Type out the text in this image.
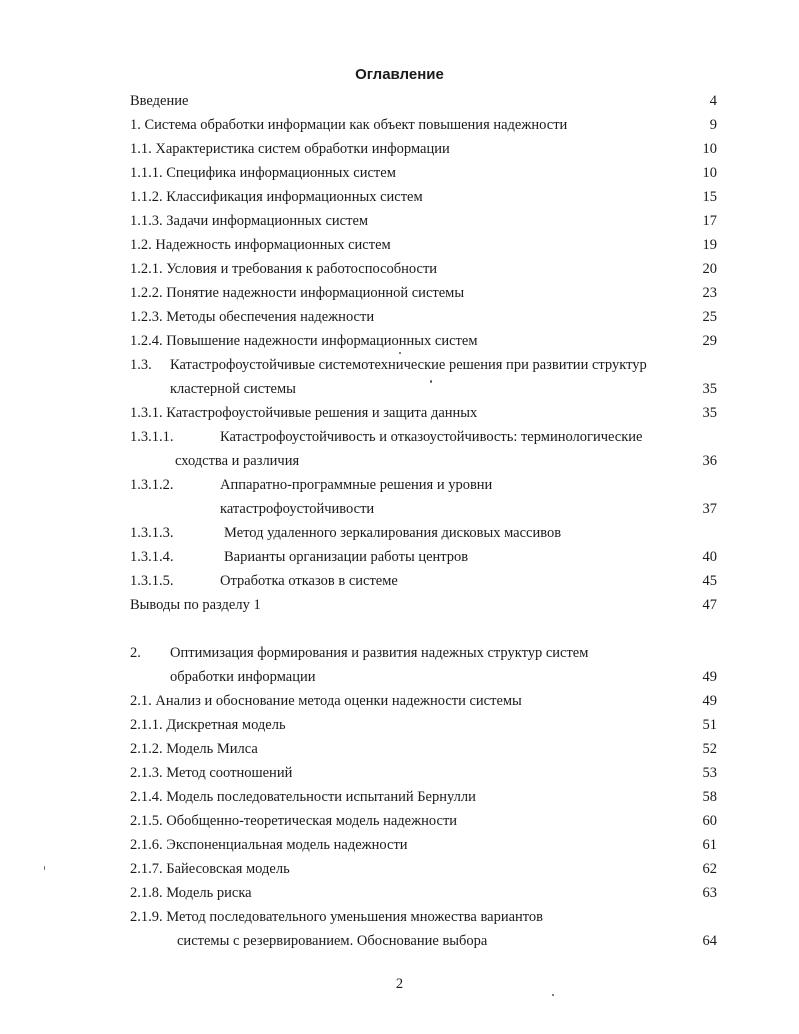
Оглавление
Введение	4
1. Система обработки информации как объект повышения надежности	9
1.1. Характеристика систем обработки информации	10
1.1.1. Специфика информационных систем	10
1.1.2. Классификация информационных систем	15
1.1.3. Задачи информационных систем	17
1.2. Надежность информационных систем	19
1.2.1. Условия и требования к работоспособности	20
1.2.2. Понятие надежности информационной системы	23
1.2.3. Методы обеспечения надежности	25
1.2.4. Повышение надежности информационных систем	29
1.3. Катастрофоустойчивые системотехнические решения при развитии структур
кластерной системы	35
1.3.1. Катастрофоустойчивые решения и защита данных	35
1.3.1.1.	Катастрофоустойчивость и отказоустойчивость: терминологические
сходства и различия	36
1.3.1.2.	Аппаратно-программные решения и уровни
катастрофоустойчивости	37
1.3.1.3.	Метод удаленного зеркалирования дисковых массивов
1.3.1.4.	Варианты организации работы центров	40
1.3.1.5.	Отработка отказов в системе	45
Выводы по разделу 1	47
2. Оптимизация формирования и развития надежных структур систем
обработки информации	49
2.1. Анализ и обоснование метода оценки надежности системы	49
2.1.1. Дискретная модель	51
2.1.2. Модель Милса	52
2.1.3. Метод соотношений	53
2.1.4. Модель последовательности испытаний Бернулли	58
2.1.5. Обобщенно-теоретическая модель надежности	60
2.1.6. Экспоненциальная модель надежности	61
2.1.7. Байесовская модель	62
2.1.8. Модель риска	63
2.1.9. Метод последовательного уменьшения множества вариантов
системы с резервированием. Обоснование выбора	64
2
